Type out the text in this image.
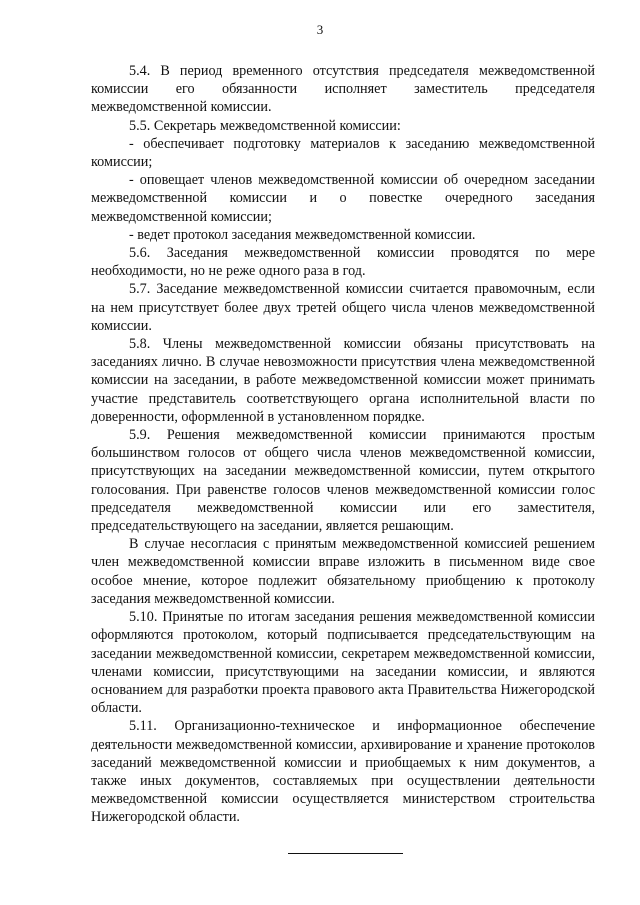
3

5.4. В период временного отсутствия председателя межведомственной комиссии его обязанности исполняет заместитель председателя межведомственной комиссии.

5.5. Секретарь межведомственной комиссии:

- обеспечивает подготовку материалов к заседанию межведомственной комиссии;

- оповещает членов межведомственной комиссии об очередном заседании межведомственной комиссии и о повестке очередного заседания межведомственной комиссии;

- ведет протокол заседания межведомственной комиссии.

5.6. Заседания межведомственной комиссии проводятся по мере необходимости, но не реже одного раза в год.

5.7. Заседание межведомственной комиссии считается правомочным, если на нем присутствует более двух третей общего числа членов межведомственной комиссии.

5.8. Члены межведомственной комиссии обязаны присутствовать на заседаниях лично. В случае невозможности присутствия члена межведомственной комиссии на заседании, в работе межведомственной комиссии может принимать участие представитель соответствующего органа исполнительной власти по доверенности, оформленной в установленном порядке.

5.9. Решения межведомственной комиссии принимаются простым большинством голосов от общего числа членов межведомственной комиссии, присутствующих на заседании межведомственной комиссии, путем открытого голосования. При равенстве голосов членов межведомственной комиссии голос председателя межведомственной комиссии или его заместителя, председательствующего на заседании, является решающим.

В случае несогласия с принятым межведомственной комиссией решением член межведомственной комиссии вправе изложить в письменном виде свое особое мнение, которое подлежит обязательному приобщению к протоколу заседания межведомственной комиссии.

5.10. Принятые по итогам заседания решения межведомственной комиссии оформляются протоколом, который подписывается председательствующим на заседании межведомственной комиссии, секретарем межведомственной комиссии, членами комиссии, присутствующими на заседании комиссии, и являются основанием для разработки проекта правового акта Правительства Нижегородской области.

5.11. Организационно-техническое и информационное обеспечение деятельности межведомственной комиссии, архивирование и хранение протоколов заседаний межведомственной комиссии и приобщаемых к ним документов, а также иных документов, составляемых при осуществлении деятельности межведомственной комиссии осуществляется министерством строительства Нижегородской области.
